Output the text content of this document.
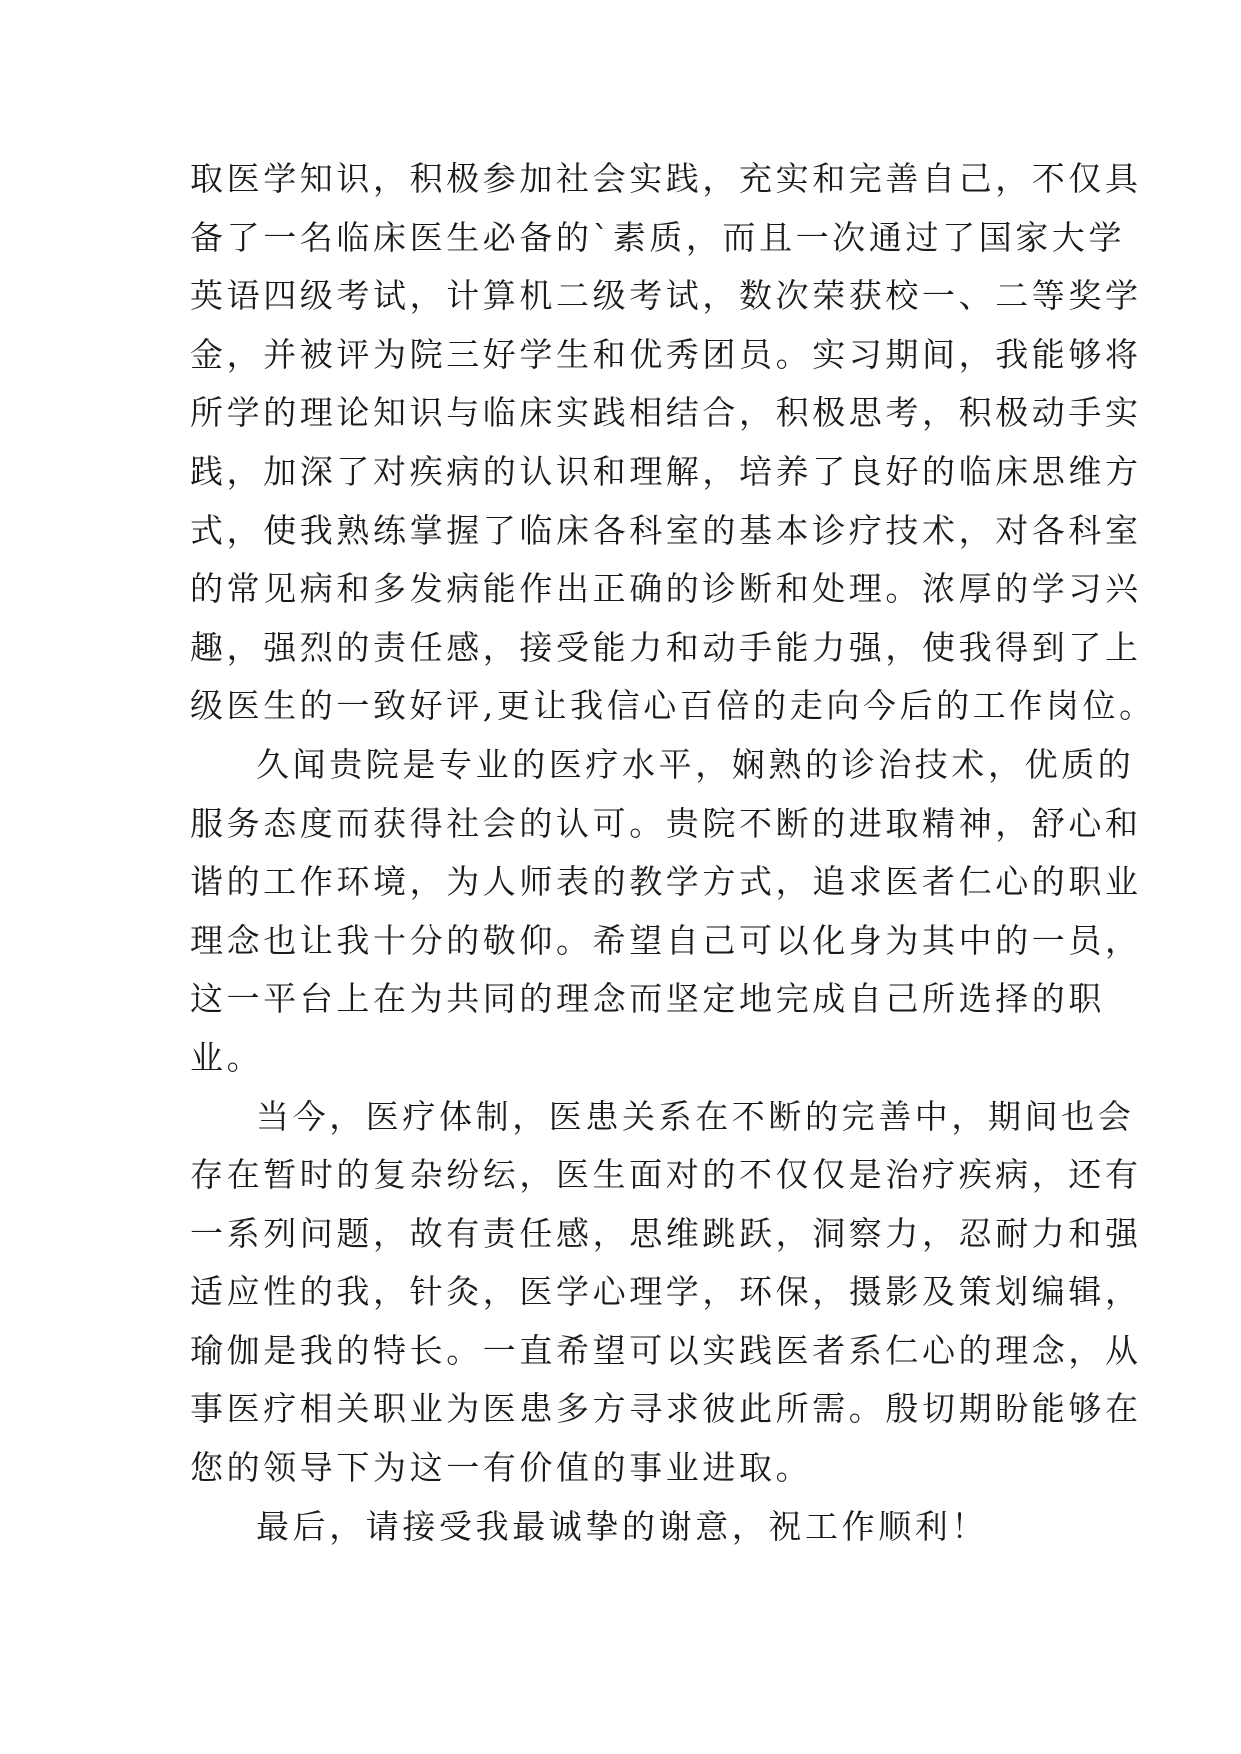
取医学知识，积极参加社会实践，充实和完善自己，不仅具
备了一名临床医生必备的`素质，而且一次通过了国家大学
英语四级考试，计算机二级考试，数次荣获校一、二等奖学
金，并被评为院三好学生和优秀团员。实习期间，我能够将
所学的理论知识与临床实践相结合，积极思考，积极动手实
践，加深了对疾病的认识和理解，培养了良好的临床思维方
式，使我熟练掌握了临床各科室的基本诊疗技术，对各科室
的常见病和多发病能作出正确的诊断和处理。浓厚的学习兴
趣，强烈的责任感，接受能力和动手能力强，使我得到了上
级医生的一致好评,更让我信心百倍的走向今后的工作岗位。
久闻贵院是专业的医疗水平，娴熟的诊治技术，优质的
服务态度而获得社会的认可。贵院不断的进取精神，舒心和
谐的工作环境，为人师表的教学方式，追求医者仁心的职业
理念也让我十分的敬仰。希望自己可以化身为其中的一员，
这一平台上在为共同的理念而坚定地完成自己所选择的职
业。
当今，医疗体制，医患关系在不断的完善中，期间也会
存在暂时的复杂纷纭，医生面对的不仅仅是治疗疾病，还有
一系列问题，故有责任感，思维跳跃，洞察力，忍耐力和强
适应性的我，针灸，医学心理学，环保，摄影及策划编辑，
瑜伽是我的特长。一直希望可以实践医者系仁心的理念，从
事医疗相关职业为医患多方寻求彼此所需。殷切期盼能够在
您的领导下为这一有价值的事业进取。
最后，请接受我最诚挚的谢意，祝工作顺利！
